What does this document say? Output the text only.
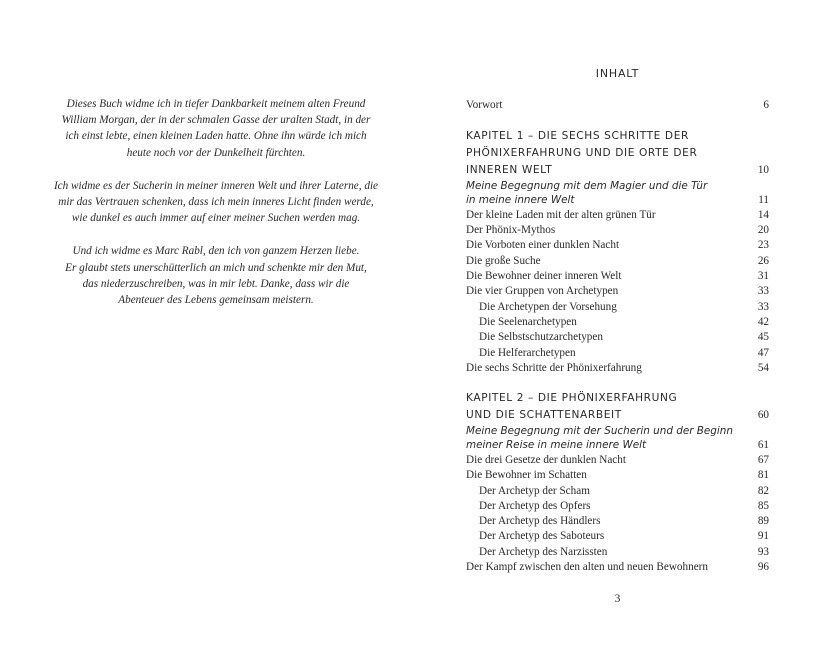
Dieses Buch widme ich in tiefer Dankbarkeit meinem alten Freund
William Morgan, der in der schmalen Gasse der uralten Stadt, in der
ich einst lebte, einen kleinen Laden hatte. Ohne ihn würde ich mich
heute noch vor der Dunkelheit fürchten.

Ich widme es der Sucherin in meiner inneren Welt und ihrer Laterne, die
mir das Vertrauen schenken, dass ich mein inneres Licht finden werde,
wie dunkel es auch immer auf einer meiner Suchen werden mag.

Und ich widme es Marc Rabl, den ich von ganzem Herzen liebe.
Er glaubt stets unerschütterlich an mich und schenkte mir den Mut,
das niederzuschreiben, was in mir lebt. Danke, dass wir die
Abenteuer des Lebens gemeinsam meistern.

INHALT
Vorwort	6
KAPITEL 1 – DIE SECHS SCHRITTE DER
PHÖNIXERFAHRUNG UND DIE ORTE DER
INNEREN WELT	10
Meine Begegnung mit dem Magier und die Tür
in meine innere Welt	11
Der kleine Laden mit der alten grünen Tür	14
Der Phönix-Mythos	20
Die Vorboten einer dunklen Nacht	23
Die große Suche	26
Die Bewohner deiner inneren Welt	31
Die vier Gruppen von Archetypen	33
Die Archetypen der Vorsehung	33
Die Seelenarchetypen	42
Die Selbstschutzarchetypen	45
Die Helferarchetypen	47
Die sechs Schritte der Phönixerfahrung	54
KAPITEL 2 – DIE PHÖNIXERFAHRUNG
UND DIE SCHATTENARBEIT	60
Meine Begegnung mit der Sucherin und der Beginn
meiner Reise in meine innere Welt	61
Die drei Gesetze der dunklen Nacht	67
Die Bewohner im Schatten	81
Der Archetyp der Scham	82
Der Archetyp des Opfers	85
Der Archetyp des Händlers	89
Der Archetyp des Saboteurs	91
Der Archetyp des Narzissten	93
Der Kampf zwischen den alten und neuen Bewohnern	96
3
